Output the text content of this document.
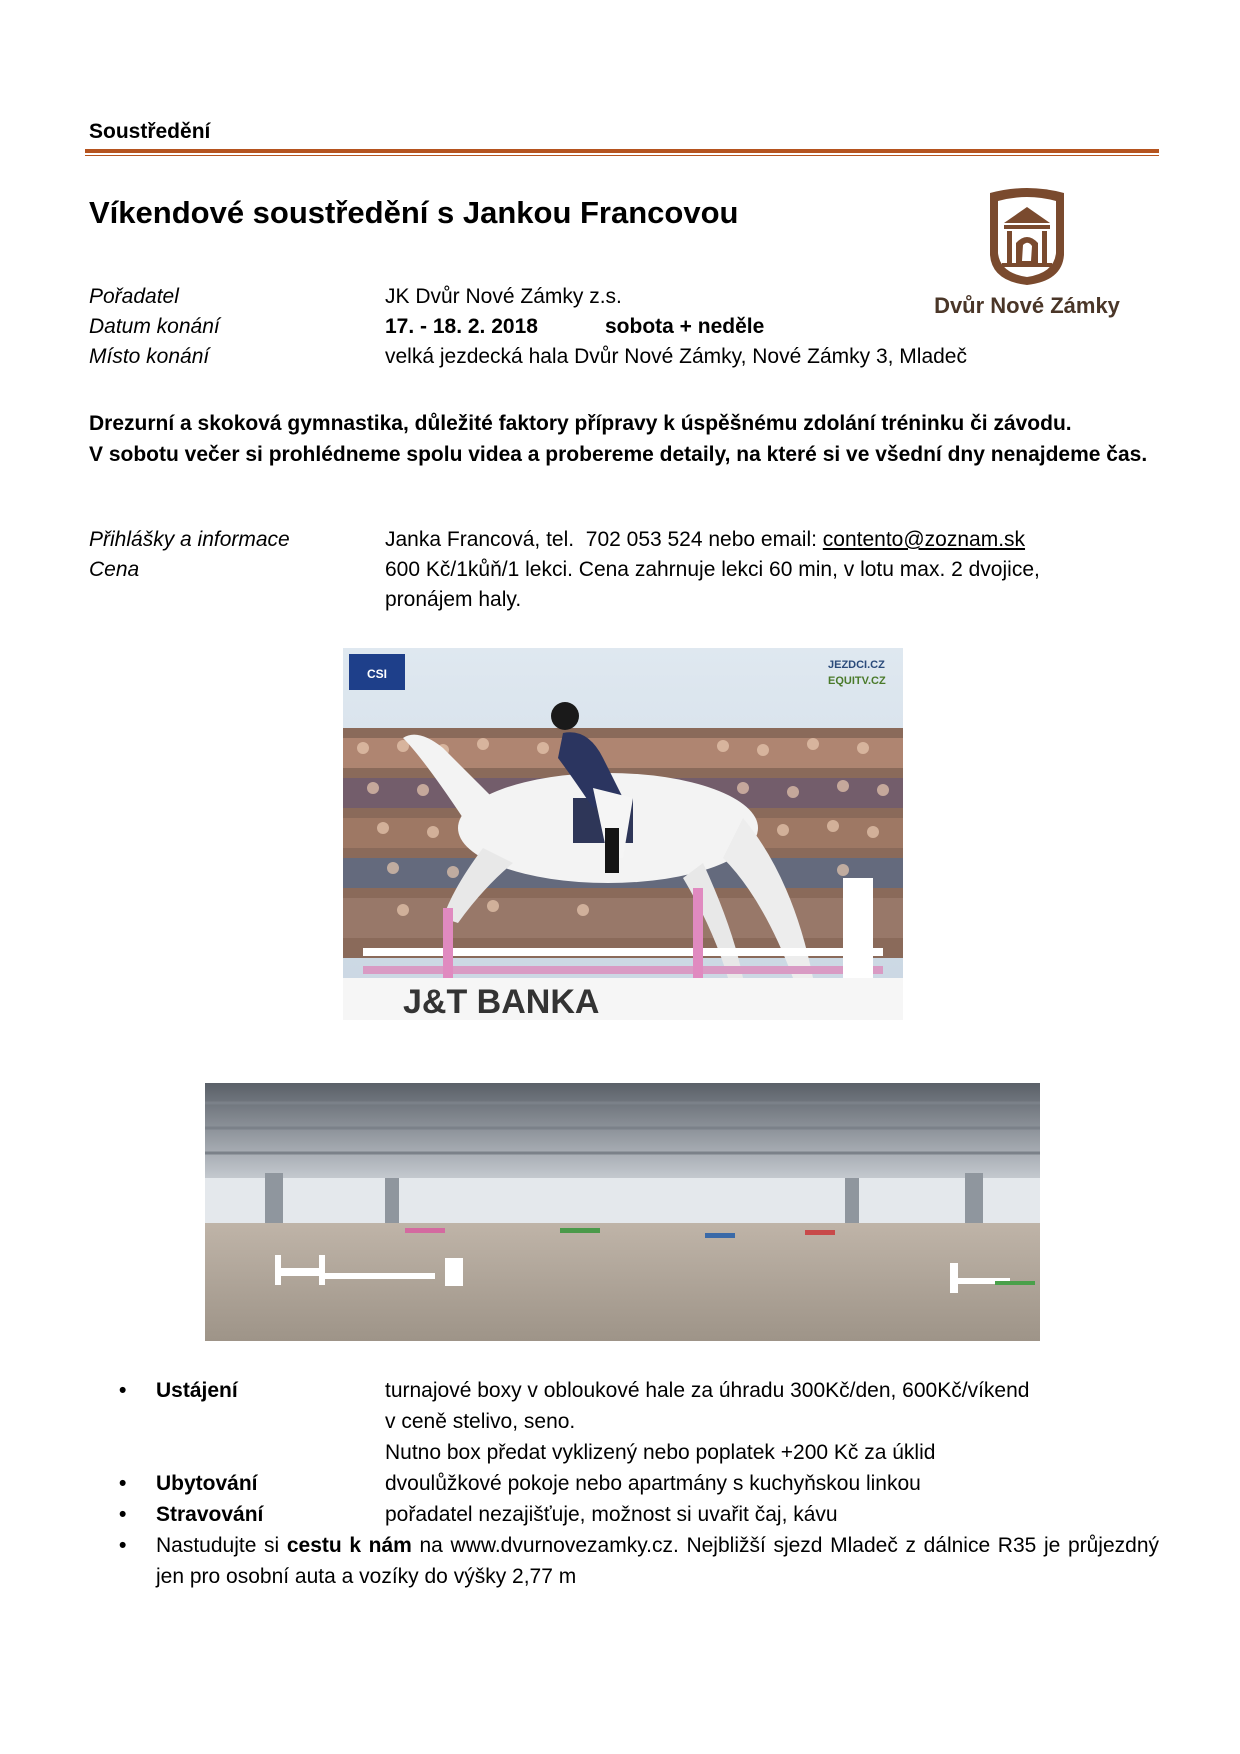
Soustředění
Víkendové soustředění s Jankou Francovou
Dvůr Nové Zámky
Pořadatel	JK Dvůr Nové Zámky z.s.
Datum konání	17. - 18. 2. 2018	sobota + neděle
Místo konání	velká jezdecká hala Dvůr Nové Zámky, Nové Zámky 3, Mladeč

Drezurní a skoková gymnastika, důležité faktory přípravy k úspěšnému zdolání tréninku či závodu.

V sobotu večer si prohlédneme spolu videa a probereme detaily, na které si ve všední dny nenajdeme čas.

Přihlášky a informace	Janka Francová, tel.  702 053 524 nebo email: contento@zoznam.sk
Cena	600 Kč/1kůň/1 lekci. Cena zahrnuje lekci 60 min, v lotu max. 2 dvojice,
pronájem haly.
J&T BANKA
CSI
JEZDCI.CZ
EQUITV.CZ
• Ustájení	turnajové boxy v obloukové hale za úhradu 300Kč/den, 600Kč/víkend
v ceně stelivo, seno.
Nutno box předat vyklizený nebo poplatek +200 Kč za úklid
• Ubytování	dvoulůžkové pokoje nebo apartmány s kuchyňskou linkou
• Stravování	pořadatel nezajišťuje, možnost si uvařit čaj, kávu
• Nastudujte si cestu k nám na www.dvurnovezamky.cz. Nejbližší sjezd Mladeč z dálnice R35 je průjezdný jen pro osobní auta a vozíky do výšky 2,77 m
